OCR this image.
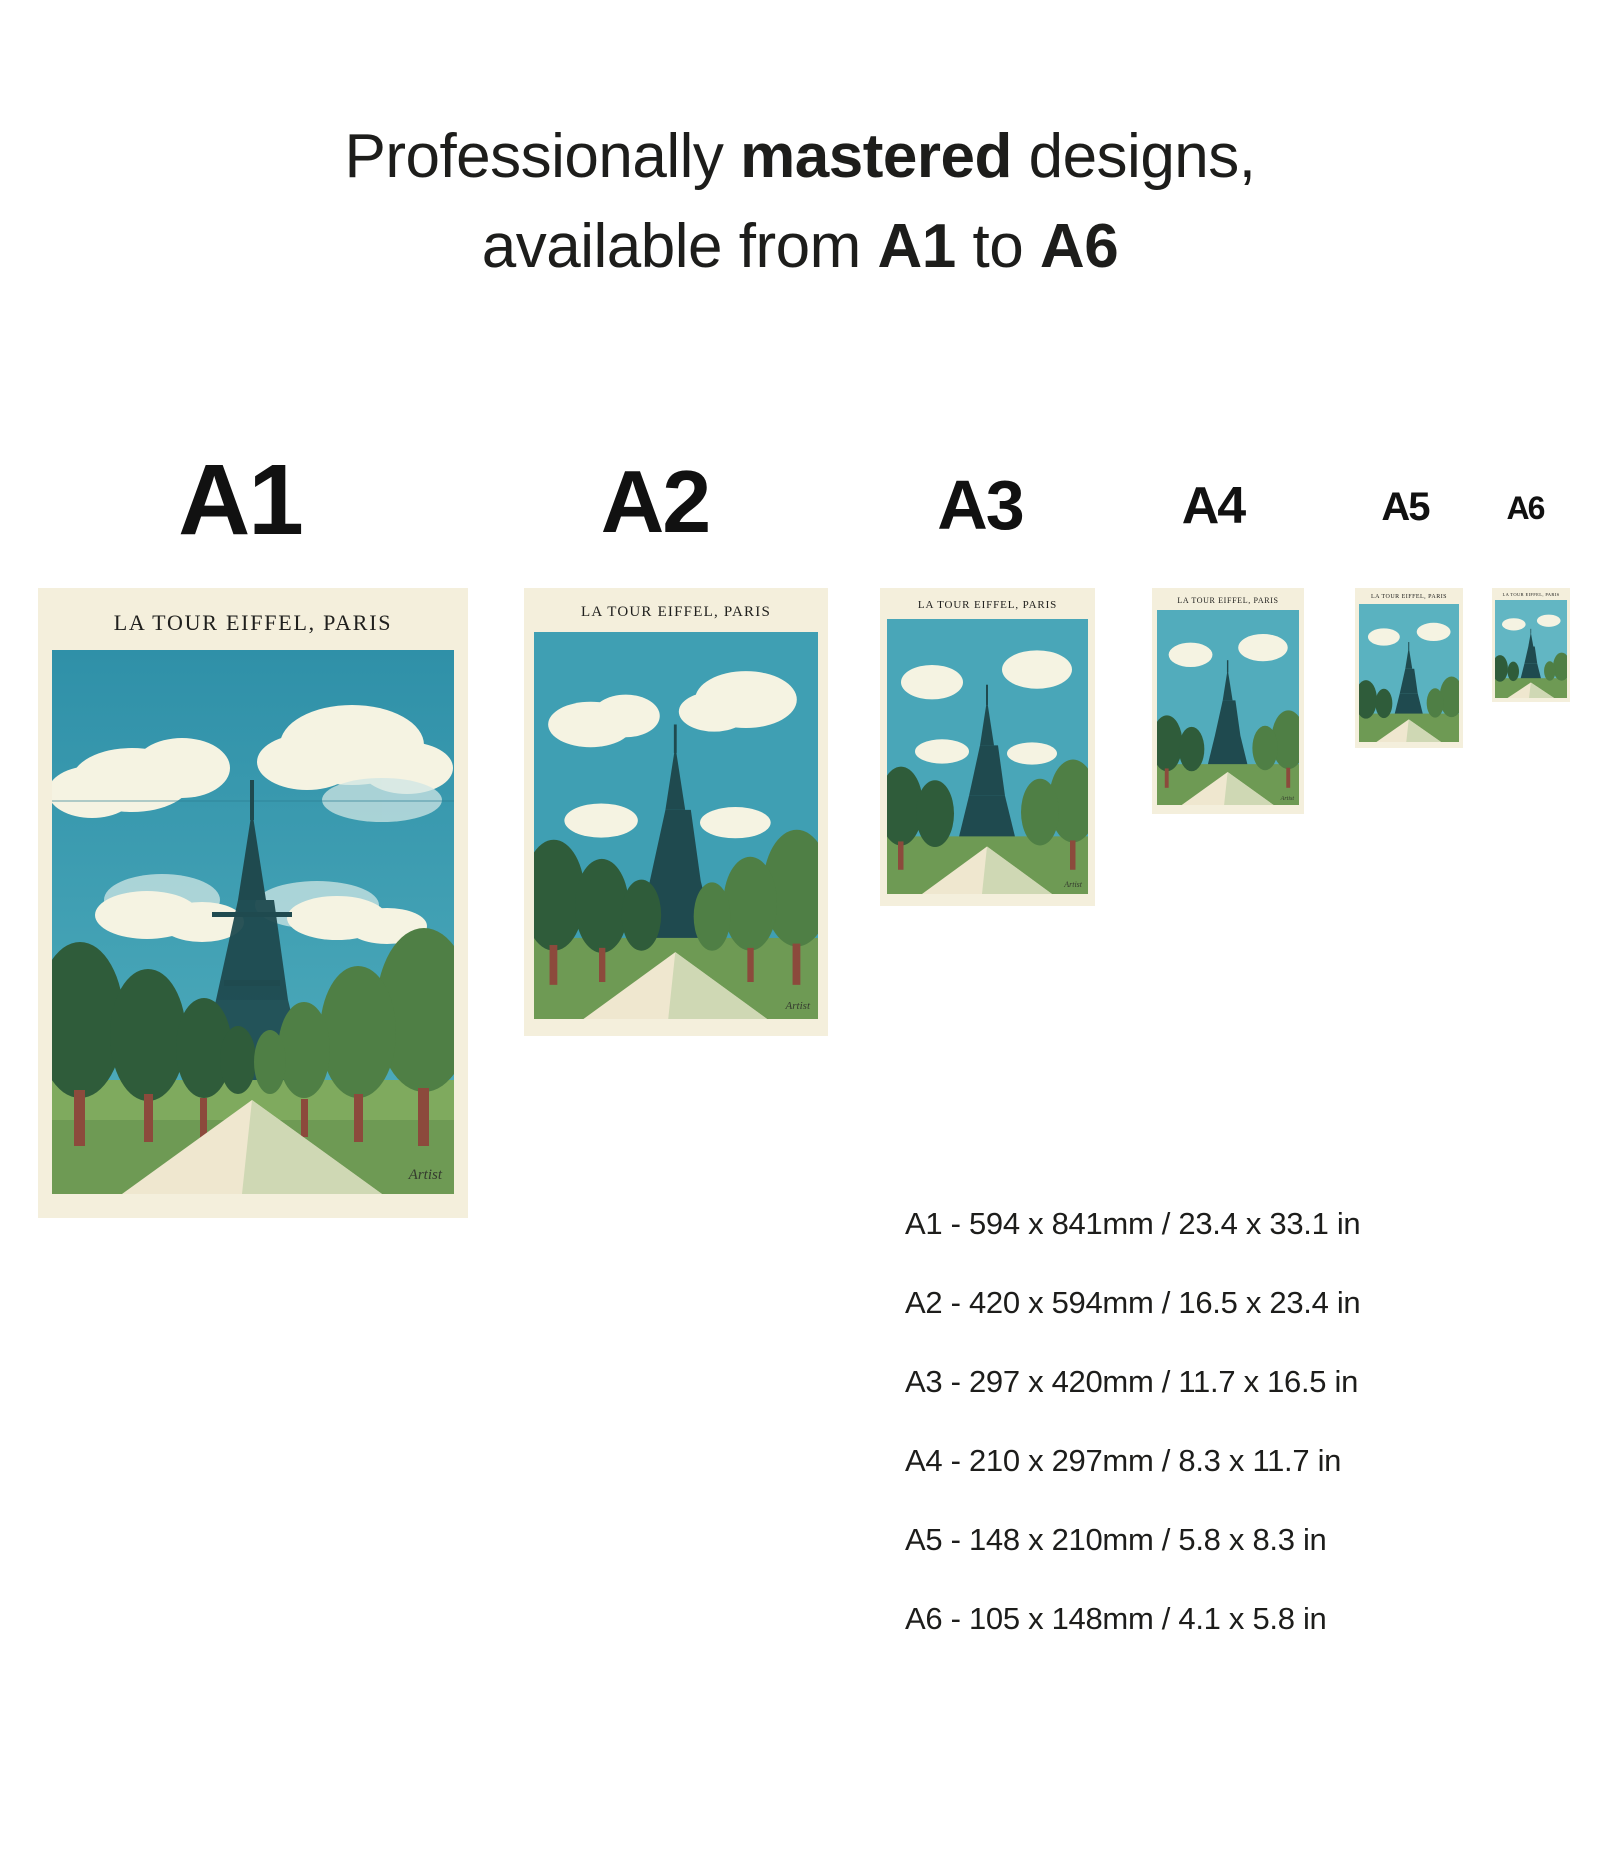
Professionally mastered designs,
available from A1 to A6
A1	A2	A3	A4	A5	A6
LA TOUR EIFFEL, PARIS
Artist
LA TOUR EIFFEL, PARIS
Artist
LA TOUR EIFFEL, PARIS
Artist
LA TOUR EIFFEL, PARIS
Artist
LA TOUR EIFFEL, PARIS	LA TOUR EIFFEL, PARIS
A1 - 594 x 841mm / 23.4 x 33.1 in
A2 - 420 x 594mm / 16.5 x 23.4 in
A3 - 297 x 420mm / 11.7 x 16.5 in
A4 - 210 x 297mm / 8.3 x 11.7 in
A5 - 148 x 210mm / 5.8 x 8.3 in
A6 - 105 x 148mm / 4.1 x 5.8 in
